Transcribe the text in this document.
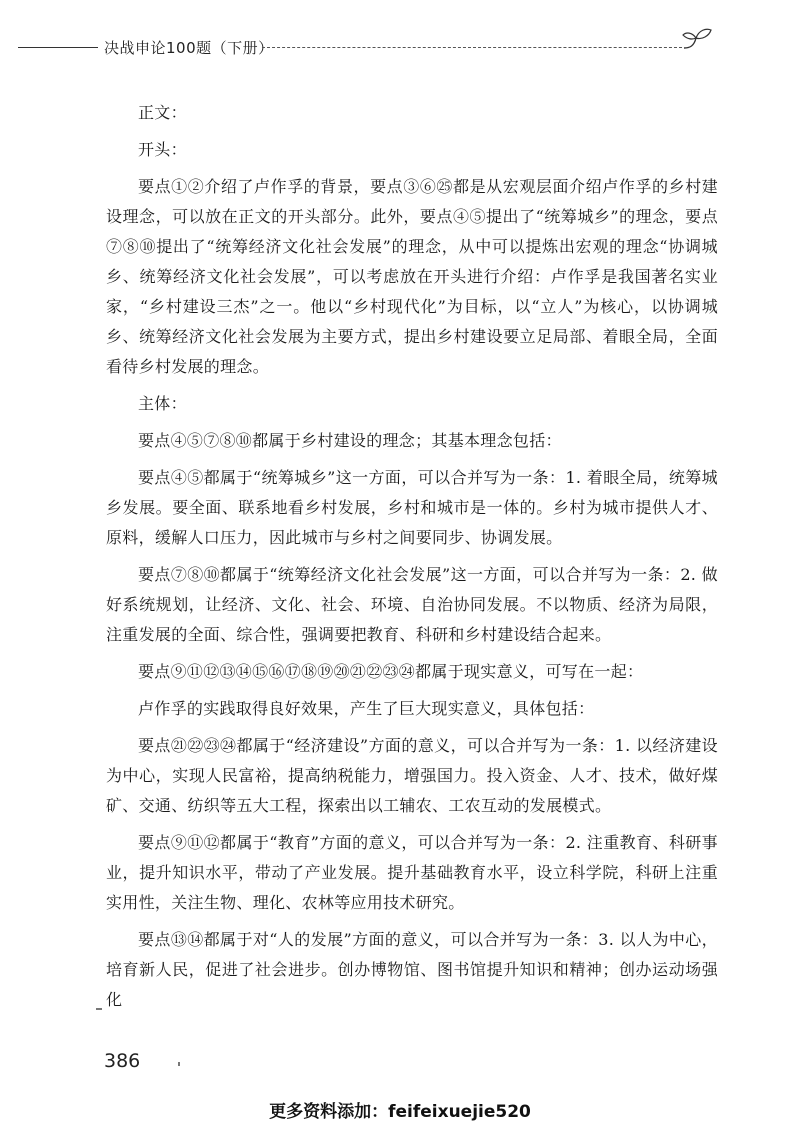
决战申论100题（下册）

正文：

开头：

要点①②介绍了卢作孚的背景，要点③⑥㉕都是从宏观层面介绍卢作孚的乡村建设理念，可以放在正文的开头部分。此外，要点④⑤提出了“统筹城乡”的理念，要点⑦⑧⑩提出了“统筹经济文化社会发展”的理念，从中可以提炼出宏观的理念“协调城乡、统筹经济文化社会发展”，可以考虑放在开头进行介绍：卢作孚是我国著名实业家，“乡村建设三杰”之一。他以“乡村现代化”为目标，以“立人”为核心，以协调城乡、统筹经济文化社会发展为主要方式，提出乡村建设要立足局部、着眼全局，全面看待乡村发展的理念。

主体：

要点④⑤⑦⑧⑩都属于乡村建设的理念；其基本理念包括：

要点④⑤都属于“统筹城乡”这一方面，可以合并写为一条：1. 着眼全局，统筹城乡发展。要全面、联系地看乡村发展，乡村和城市是一体的。乡村为城市提供人才、原料，缓解人口压力，因此城市与乡村之间要同步、协调发展。

要点⑦⑧⑩都属于“统筹经济文化社会发展”这一方面，可以合并写为一条：2. 做好系统规划，让经济、文化、社会、环境、自治协同发展。不以物质、经济为局限，注重发展的全面、综合性，强调要把教育、科研和乡村建设结合起来。

要点⑨⑪⑫⑬⑭⑮⑯⑰⑱⑲⑳㉑㉒㉓㉔都属于现实意义，可写在一起：

卢作孚的实践取得良好效果，产生了巨大现实意义，具体包括：

要点㉑㉒㉓㉔都属于“经济建设”方面的意义，可以合并写为一条：1. 以经济建设为中心，实现人民富裕，提高纳税能力，增强国力。投入资金、人才、技术，做好煤矿、交通、纺织等五大工程，探索出以工辅农、工农互动的发展模式。

要点⑨⑪⑫都属于“教育”方面的意义，可以合并写为一条：2. 注重教育、科研事业，提升知识水平，带动了产业发展。提升基础教育水平，设立科学院，科研上注重实用性，关注生物、理化、农林等应用技术研究。

要点⑬⑭都属于对“人的发展”方面的意义，可以合并写为一条：3. 以人为中心，培育新人民，促进了社会进步。创办博物馆、图书馆提升知识和精神；创办运动场强化

386
更多资料添加：feifeixuejie520
